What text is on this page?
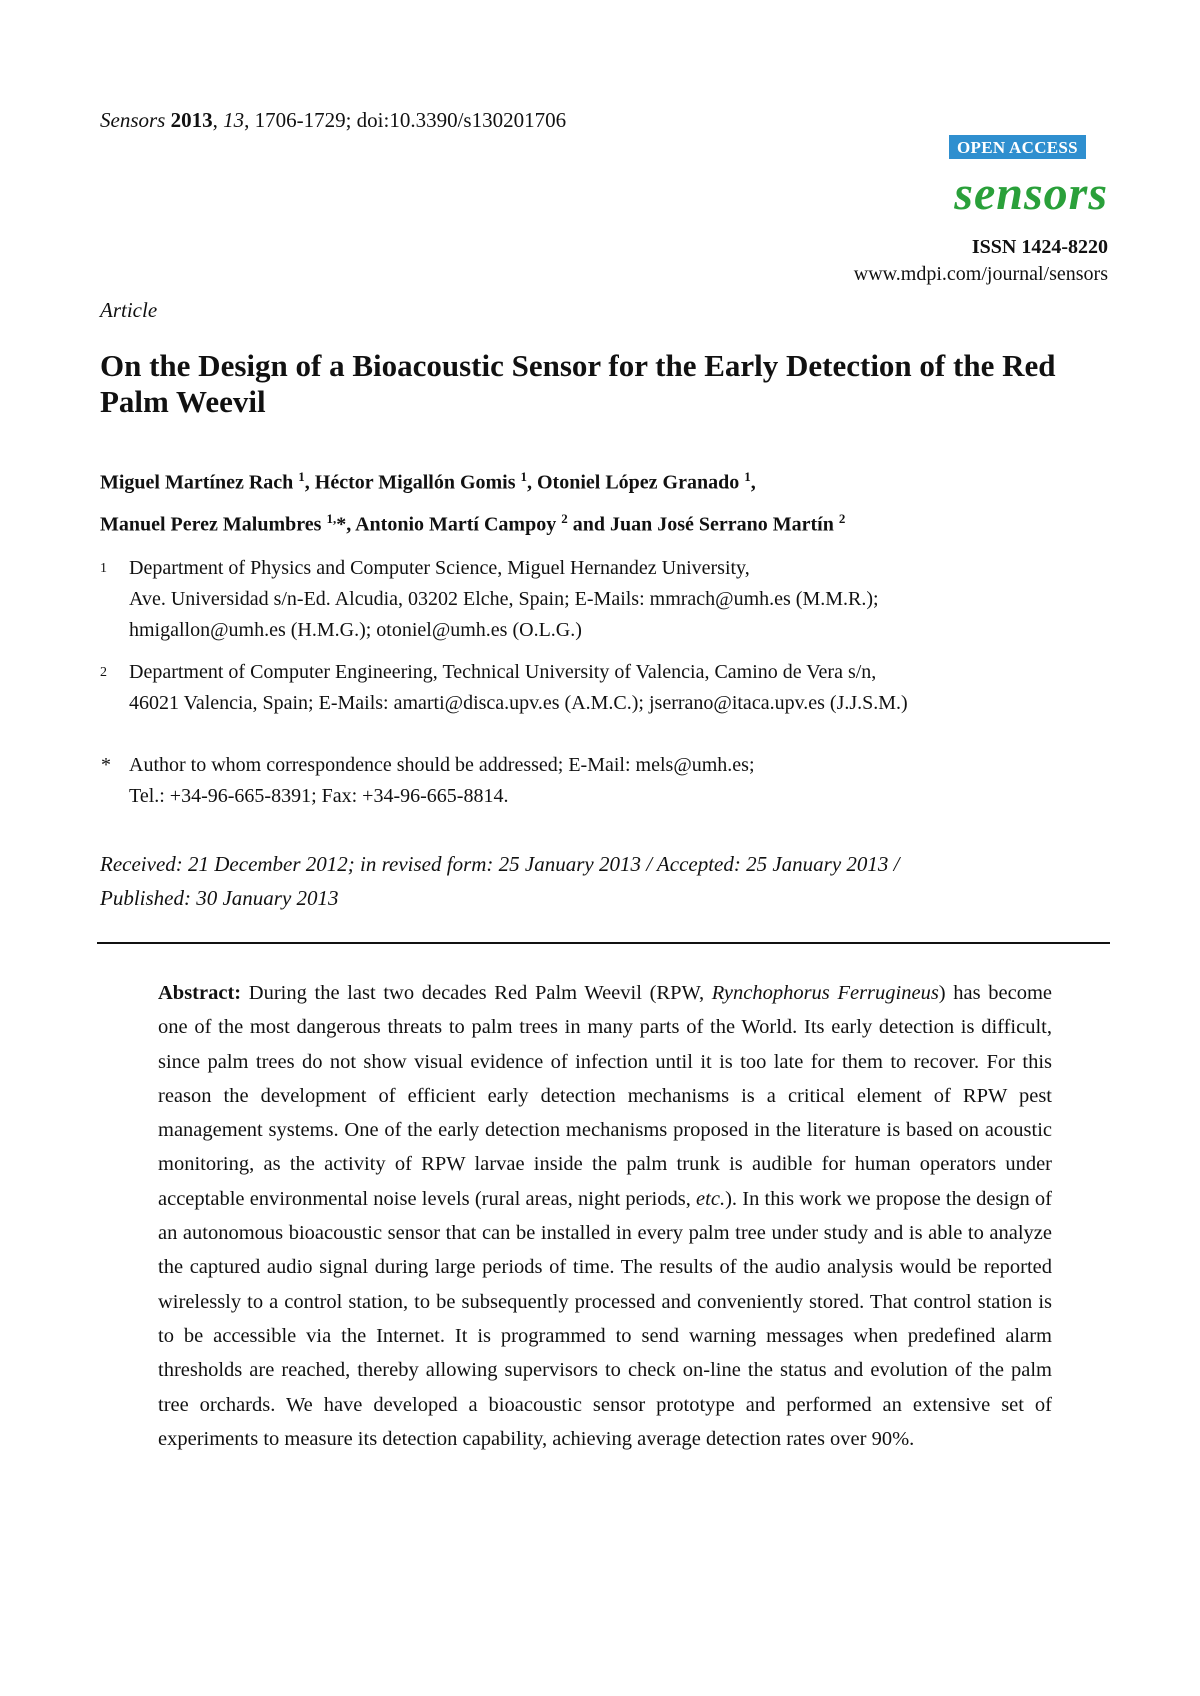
Sensors 2013, 13, 1706-1729; doi:10.3390/s130201706
OPEN ACCESS
sensors
ISSN 1424-8220
www.mdpi.com/journal/sensors
Article
On the Design of a Bioacoustic Sensor for the Early Detection of the Red Palm Weevil
Miguel Martínez Rach $^1$, Héctor Migallón Gomis $^1$, Otoniel López Granado $^1$,
Manuel Perez Malumbres $^{1,}$*, Antonio Martí Campoy $^2$ and Juan José Serrano Martín $^2$
1 Department of Physics and Computer Science, Miguel Hernandez University,
Ave. Universidad s/n-Ed. Alcudia, 03202 Elche, Spain; E-Mails: mmrach@umh.es (M.M.R.);
hmigallon@umh.es (H.M.G.); otoniel@umh.es (O.L.G.)
2 Department of Computer Engineering, Technical University of Valencia, Camino de Vera s/n,
46021 Valencia, Spain; E-Mails: amarti@disca.upv.es (A.M.C.); jserrano@itaca.upv.es (J.J.S.M.)
* Author to whom correspondence should be addressed; E-Mail: mels@umh.es;
Tel.: +34-96-665-8391; Fax: +34-96-665-8814.
Received: 21 December 2012; in revised form: 25 January 2013 / Accepted: 25 January 2013 /
Published: 30 January 2013
Abstract: During the last two decades Red Palm Weevil (RPW, Rynchophorus Ferrugineus) has become one of the most dangerous threats to palm trees in many parts of the World. Its early detection is difficult, since palm trees do not show visual evidence of infection until it is too late for them to recover. For this reason the development of efficient early detection mechanisms is a critical element of RPW pest management systems. One of the early detection mechanisms proposed in the literature is based on acoustic monitoring, as the activity of RPW larvae inside the palm trunk is audible for human operators under acceptable environmental noise levels (rural areas, night periods, etc.). In this work we propose the design of an autonomous bioacoustic sensor that can be installed in every palm tree under study and is able to analyze the captured audio signal during large periods of time. The results of the audio analysis would be reported wirelessly to a control station, to be subsequently processed and conveniently stored. That control station is to be accessible via the Internet. It is programmed to send warning messages when predefined alarm thresholds are reached, thereby allowing supervisors to check on-line the status and evolution of the palm tree orchards. We have developed a bioacoustic sensor prototype and performed an extensive set of experiments to measure its detection capability, achieving average detection rates over 90%.
